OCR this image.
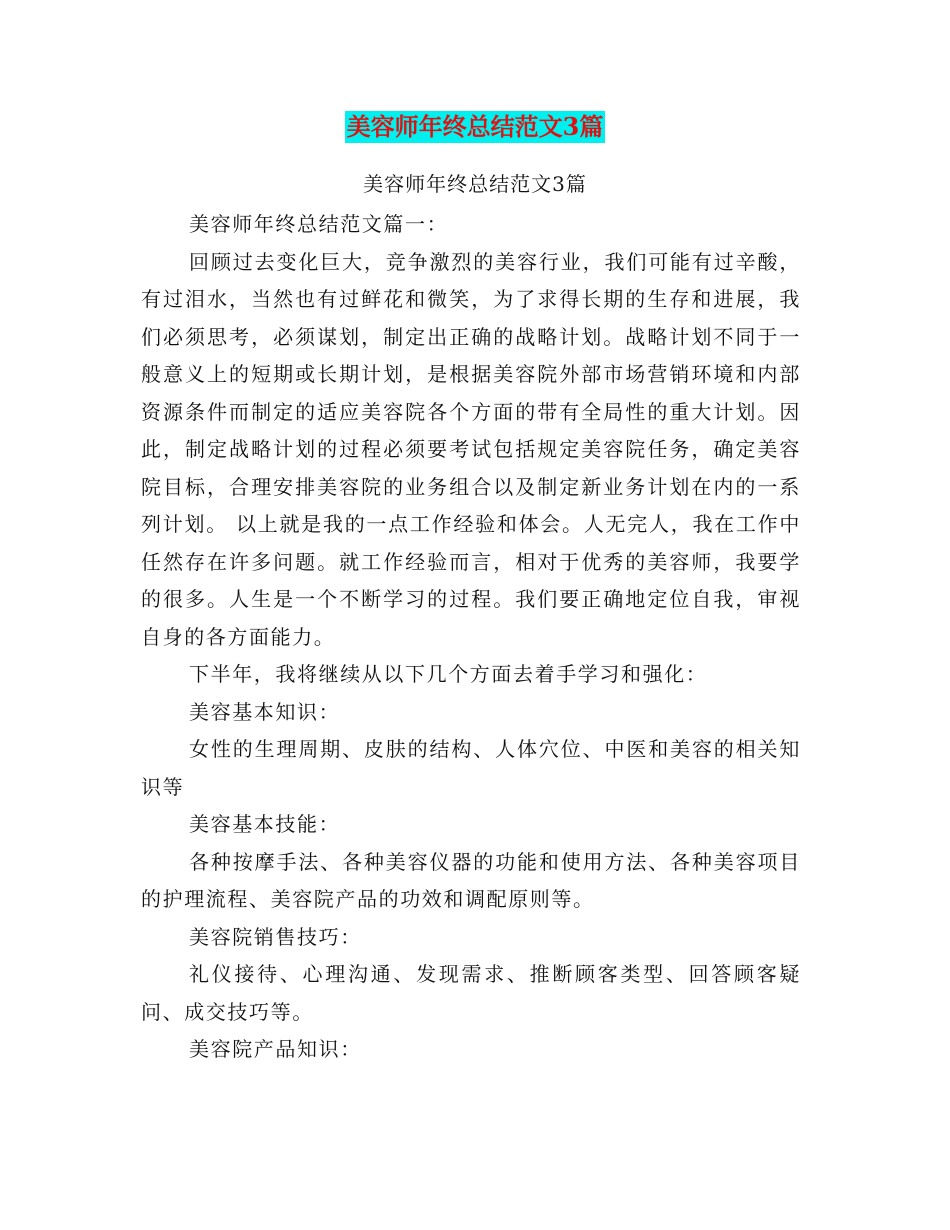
美容师年终总结范文3篇
美容师年终总结范文3篇

美容师年终总结范文篇一：

回顾过去变化巨大，竞争激烈的美容行业，我们可能有过辛酸，有过泪水，当然也有过鲜花和微笑，为了求得长期的生存和进展，我们必须思考，必须谋划，制定出正确的战略计划。战略计划不同于一般意义上的短期或长期计划，是根据美容院外部市场营销环境和内部资源条件而制定的适应美容院各个方面的带有全局性的重大计划。因此，制定战略计划的过程必须要考试包括规定美容院任务，确定美容院目标，合理安排美容院的业务组合以及制定新业务计划在内的一系列计划。 以上就是我的一点工作经验和体会。人无完人，我在工作中任然存在许多问题。就工作经验而言，相对于优秀的美容师，我要学的很多。人生是一个不断学习的过程。我们要正确地定位自我，审视自身的各方面能力。

下半年，我将继续从以下几个方面去着手学习和强化：

美容基本知识：

女性的生理周期、皮肤的结构、人体穴位、中医和美容的相关知识等

美容基本技能：

各种按摩手法、各种美容仪器的功能和使用方法、各种美容项目的护理流程、美容院产品的功效和调配原则等。

美容院销售技巧：

礼仪接待、心理沟通、发现需求、推断顾客类型、回答顾客疑问、成交技巧等。

美容院产品知识：
